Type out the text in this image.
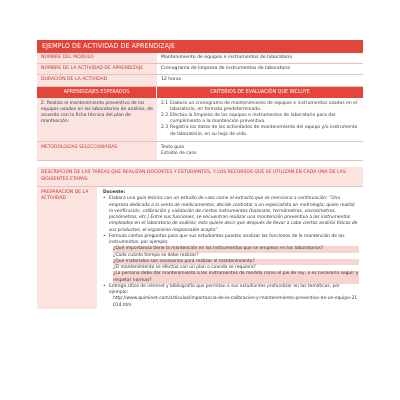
EJEMPLO DE ACTIVIDAD DE APRENDIZAJE
NOMBRE DEL MÓDULO	Mantenimiento de equipos e instrumentos de laboratorio
NOMBRE DE LA ACTIVIDAD DE APRENDIZAJE	Cronograma de limpieza de instrumentos de laboratorio
DURACIÓN DE LA ACTIVIDAD	12 horas
APRENDIZAJES ESPERADOS	CRITERIOS DE EVALUACIÓN QUE INCLUYE
2. Realiza el mantenimiento preventivo de los equipos usados en los laboratorios de análisis, de acuerdo con la ficha técnica del plan de mantención.
2.1 Elabora un cronograma de mantenimiento de equipos e instrumentos usados en el laboratorio, en formato predeterminado.
2.2 Efectúa la limpieza de los equipos e instrumentos de laboratorio para dar cumplimiento a la mantención preventiva.
2.3 Registra los datos de las actividades de mantenimiento del equipo y/o instrumento de laboratorio, en su hoja de vida.
METODOLOGÍAS SELECCIONADAS	Texto guía
Estudio de caso
DESCRIPCIÓN DE LAS TAREAS QUE REALIZAN DOCENTES Y ESTUDIANTES, Y LOS RECURSOS QUE SE UTILIZAN EN CADA UNA DE LAS SIGUIENTES ETAPAS:
PREPARACIÓN DE LA ACTIVIDAD
Docente:
• Elabora una guía teórica con un estudio de caso como el extracto que se menciona a continuación: “Una empresa dedicada a la venta de medicamentos, decide contratar a un especialista en metrología; quien realizó la verificación, calibración y validación de ciertos instrumentos (balanzas, termómetros, viscosímetros, picnómetros, etc.) Entre sus funciones, se encuentran realizar una mantención preventiva a los instrumentos empleados en el laboratorio de análisis; esto quiere decir que después de llevar a cabo ciertos análisis físicos de sus productos, el organismo responsable acepta”.
• Formula ciertas preguntas para que sus estudiantes puedan analizar las funciones de la mantención de los instrumentos, por ejemplo:
¿Qué importancia tiene la mantención en los instrumentos que se emplean en los laboratorios?
¿Cada cuánto tiempo se debe realizar?
¿Qué materiales son necesarios para realizar el mantenimiento?
¿El mantenimiento se efectúa con un plan o cuando se requiera?
¿La persona debe dar mantenimiento a los instrumentos de medida como el pie de rey, o es necesario seguir y respetar normas?
• Entrega sitios de internet y bibliografía que permitan a sus estudiantes profundizar en las temáticas, por ejemplo:
http://www.quiminet.com/articulos/importancia-de-la-calibracion-y-mantenimiento-preventivo-de-un-equipo-21014.htm
